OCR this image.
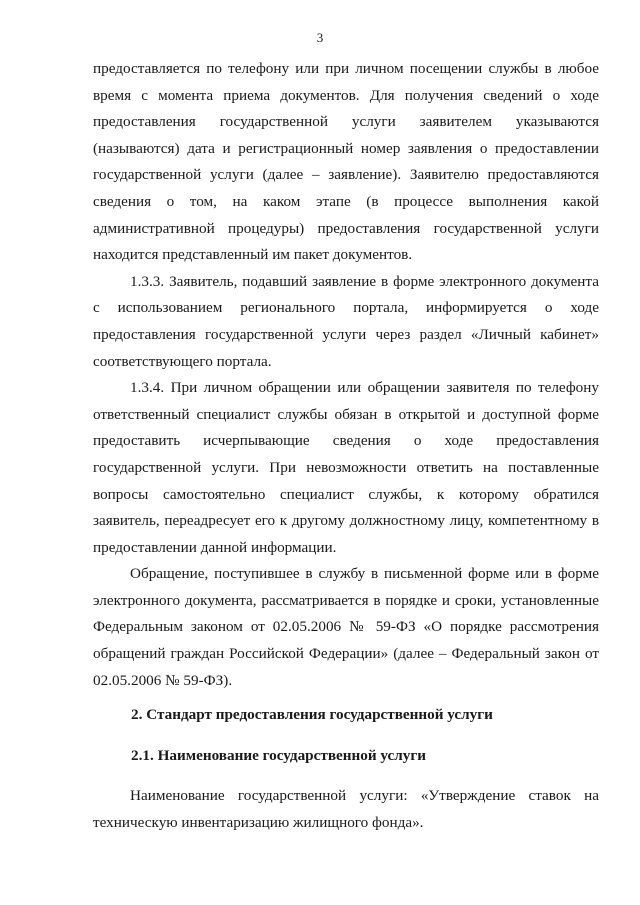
3

предоставляется по телефону или при личном посещении службы в любое время с момента приема документов. Для получения сведений о ходе предоставления государственной услуги заявителем указываются (называются) дата и регистрационный номер заявления о предоставлении государственной услуги (далее – заявление). Заявителю предоставляются сведения о том, на каком этапе (в процессе выполнения какой административной процедуры) предоставления государственной услуги находится представленный им пакет документов.

1.3.3. Заявитель, подавший заявление в форме электронного документа с использованием регионального портала, информируется о ходе предоставления государственной услуги через раздел «Личный кабинет» соответствующего портала.

1.3.4. При личном обращении или обращении заявителя по телефону ответственный специалист службы обязан в открытой и доступной форме предоставить исчерпывающие сведения о ходе предоставления государственной услуги. При невозможности ответить на поставленные вопросы самостоятельно специалист службы, к которому обратился заявитель, переадресует его к другому должностному лицу, компетентному в предоставлении данной информации.

Обращение, поступившее в службу в письменной форме или в форме электронного документа, рассматривается в порядке и сроки, установленные Федеральным законом от 02.05.2006 № 59-ФЗ «О порядке рассмотрения обращений граждан Российской Федерации» (далее – Федеральный закон от 02.05.2006 № 59-ФЗ).

2. Стандарт предоставления государственной услуги

2.1. Наименование государственной услуги

Наименование государственной услуги: «Утверждение ставок на техническую инвентаризацию жилищного фонда».
